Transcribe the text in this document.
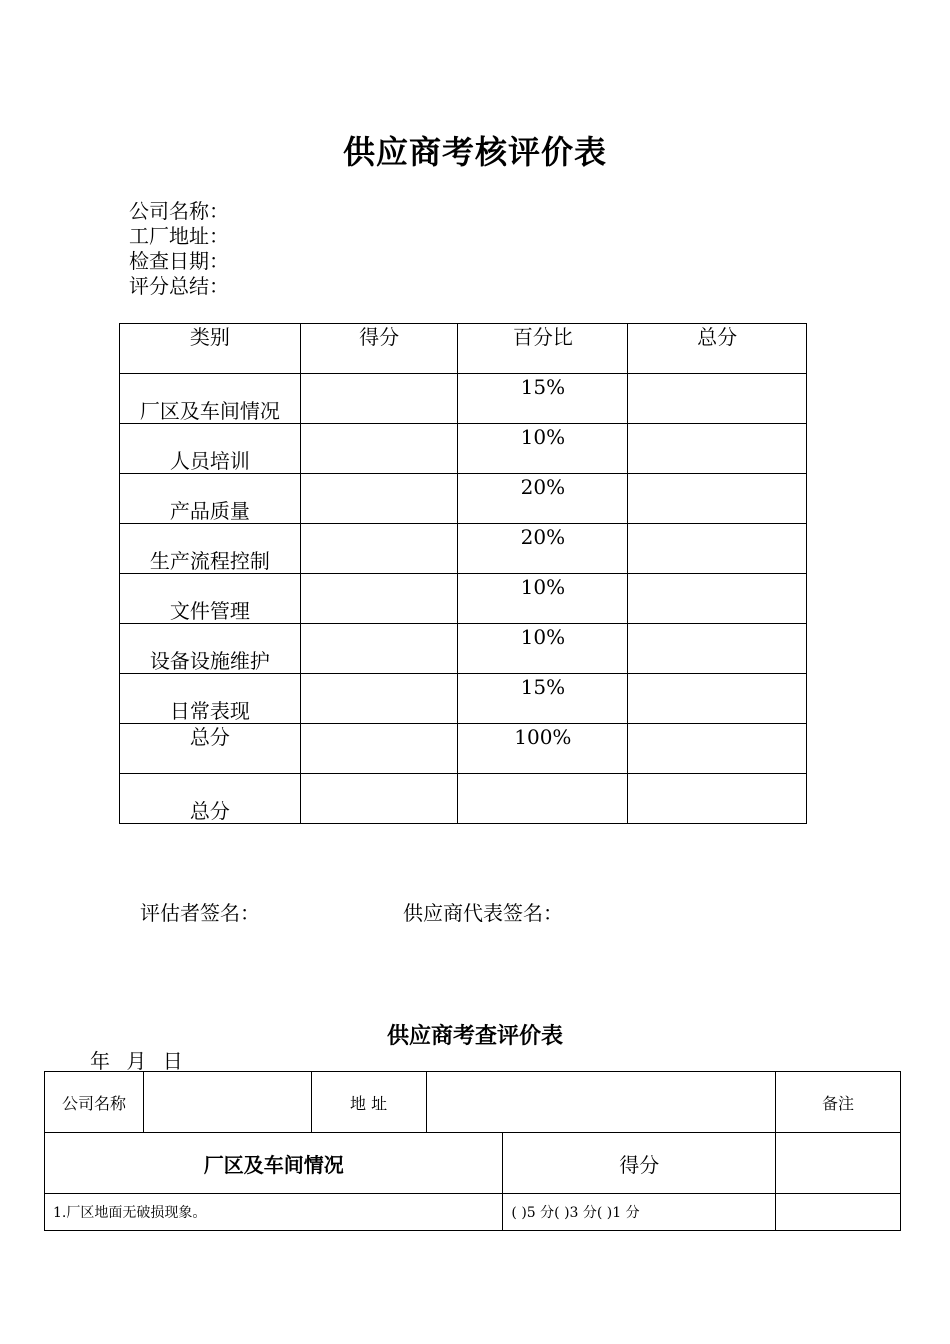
供应商考核评价表
公司名称：
工厂地址：
检查日期：
评分总结：
类别	得分	百分比	总分

厂区及车间情况		15%	

人员培训		10%	

产品质量		20%	

生产流程控制		20%	

文件管理		10%	

设备设施维护		10%	

日常表现		15%	

总分		100%	

总分			

评估者签名：	供应商代表签名：
供应商考查评价表
年 月 日
公司名称		地 址			备注
厂区及车间情况				得分	
1.厂区地面无破损现象。				( )5 分( )3 分( )1 分	
